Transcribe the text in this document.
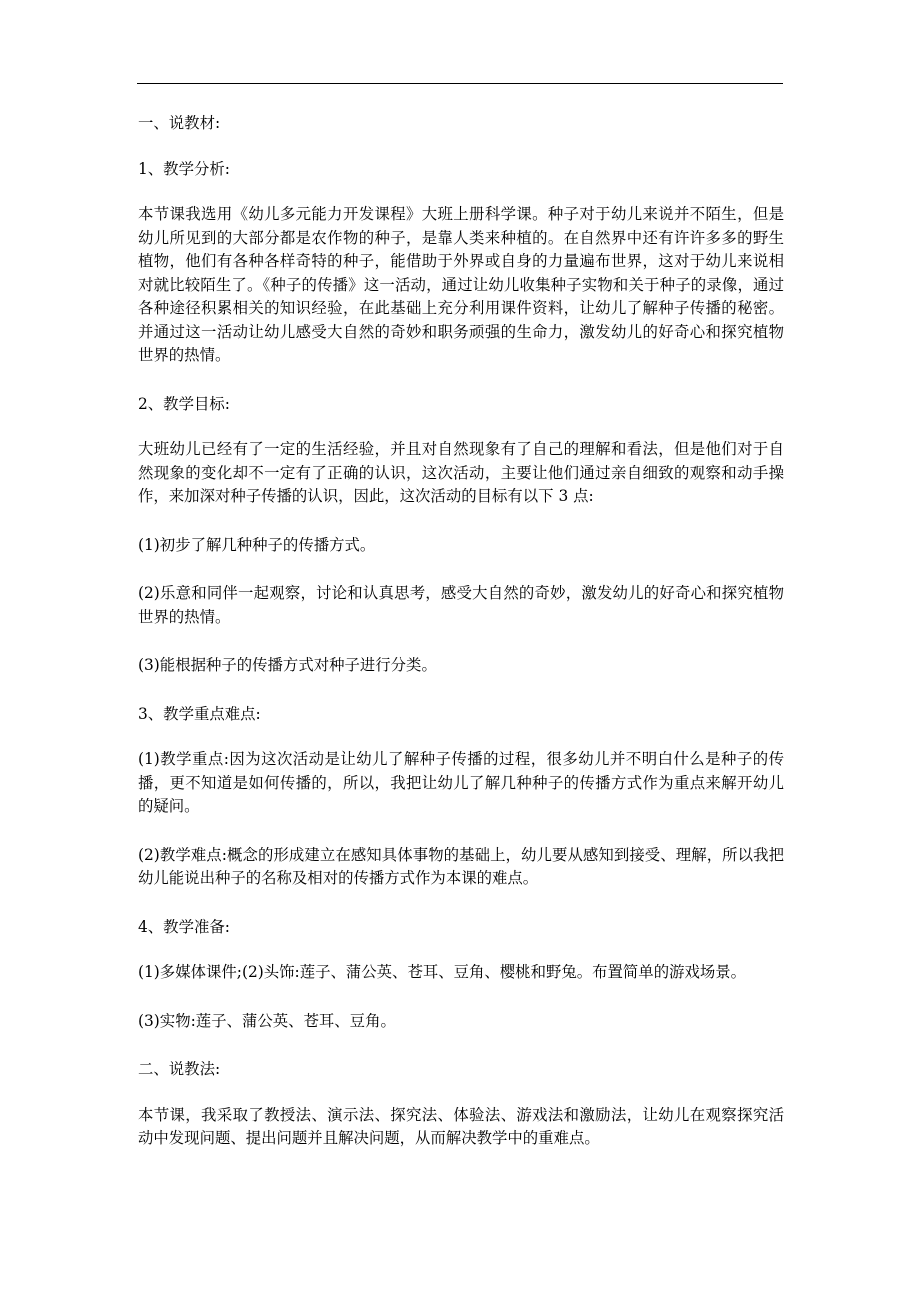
一、说教材:

1、教学分析:

本节课我选用《幼儿多元能力开发课程》大班上册科学课。种子对于幼儿来说并不陌生，但是幼儿所见到的大部分都是农作物的种子，是靠人类来种植的。在自然界中还有许许多多的野生植物，他们有各种各样奇特的种子，能借助于外界或自身的力量遍布世界，这对于幼儿来说相对就比较陌生了。《种子的传播》这一活动，通过让幼儿收集种子实物和关于种子的录像，通过各种途径积累相关的知识经验，在此基础上充分利用课件资料，让幼儿了解种子传播的秘密。并通过这一活动让幼儿感受大自然的奇妙和职务顽强的生命力，激发幼儿的好奇心和探究植物世界的热情。

2、教学目标:

大班幼儿已经有了一定的生活经验，并且对自然现象有了自己的理解和看法，但是他们对于自然现象的变化却不一定有了正确的认识，这次活动，主要让他们通过亲自细致的观察和动手操作，来加深对种子传播的认识，因此，这次活动的目标有以下 3 点:

(1)初步了解几种种子的传播方式。

(2)乐意和同伴一起观察，讨论和认真思考，感受大自然的奇妙，激发幼儿的好奇心和探究植物世界的热情。

(3)能根据种子的传播方式对种子进行分类。

3、教学重点难点:

(1)教学重点:因为这次活动是让幼儿了解种子传播的过程，很多幼儿并不明白什么是种子的传播，更不知道是如何传播的，所以，我把让幼儿了解几种种子的传播方式作为重点来解开幼儿的疑问。

(2)教学难点:概念的形成建立在感知具体事物的基础上，幼儿要从感知到接受、理解，所以我把幼儿能说出种子的名称及相对的传播方式作为本课的难点。

4、教学准备:

(1)多媒体课件;(2)头饰:莲子、蒲公英、苍耳、豆角、樱桃和野兔。布置简单的游戏场景。

(3)实物:莲子、蒲公英、苍耳、豆角。

二、说教法:

本节课，我采取了教授法、演示法、探究法、体验法、游戏法和激励法，让幼儿在观察探究活动中发现问题、提出问题并且解决问题，从而解决教学中的重难点。
